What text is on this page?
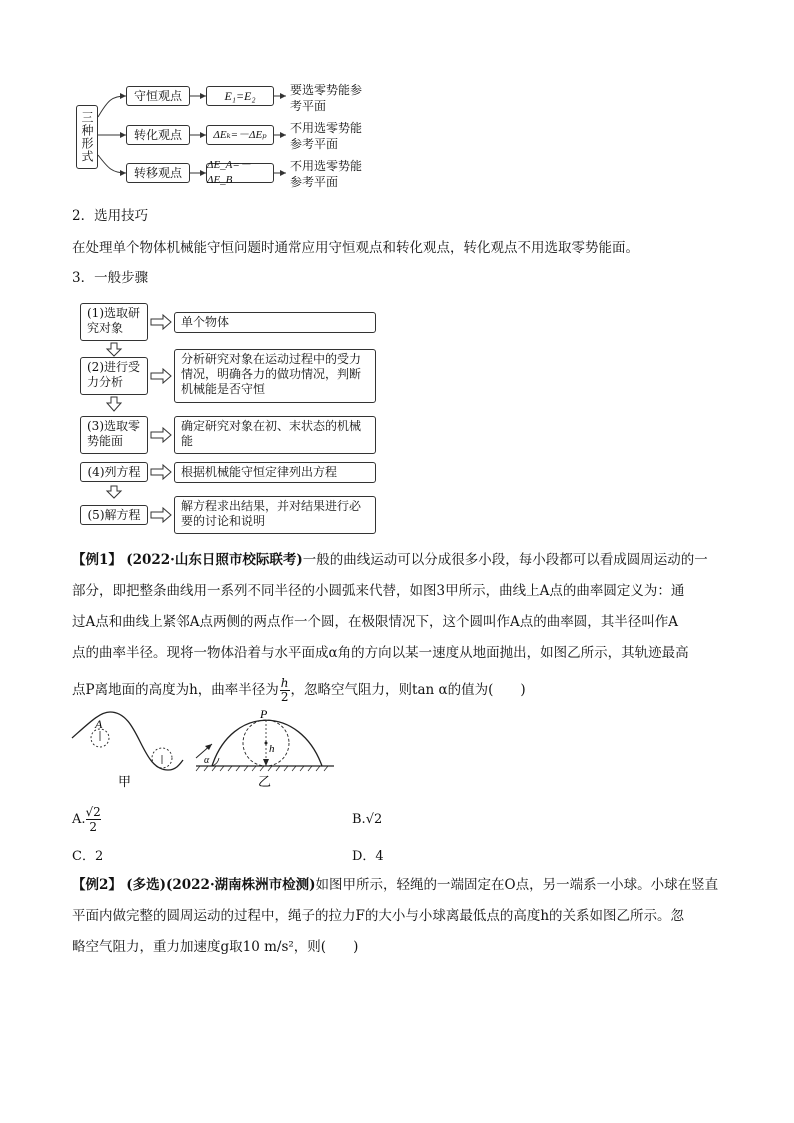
三种形式
守恒观点
转化观点
转移观点
E₁=E₂
ΔEₖ=－ΔEₚ
ΔE_A=－ΔE_B
要选零势能参考平面
不用选零势能参考平面
不用选零势能参考平面
2．选用技巧
在处理单个物体机械能守恒问题时通常应用守恒观点和转化观点，转化观点不用选取零势能面。
3．一般步骤
(1)选取研究对象
(2)进行受力分析
(3)选取零势能面
(4)列方程
(5)解方程
单个物体
分析研究对象在运动过程中的受力情况，明确各力的做功情况，判断机械能是否守恒
确定研究对象在初、末状态的机械能
根据机械能守恒定律列出方程
解方程求出结果，并对结果进行必要的讨论和说明
【例1】 (2022·山东日照市校际联考)一般的曲线运动可以分成很多小段，每小段都可以看成圆周运动的一
部分，即把整条曲线用一系列不同半径的小圆弧来代替，如图3甲所示，曲线上A点的曲率圆定义为：通
过A点和曲线上紧邻A点两侧的两点作一个圆，在极限情况下，这个圆叫作A点的曲率圆，其半径叫作A
点的曲率半径。现将一物体沿着与水平面成α角的方向以某一速度从地面抛出，如图乙所示，其轨迹最高
点P离地面的高度为h，曲率半径为 $\frac{h}{2}$ ，忽略空气阻力，则tan α的值为(　　)
A
甲
P
h
α
乙
A. $\frac{√2}{2}$	B.√2
C．2	D．4
【例2】 (多选)(2022·湖南株洲市检测)如图甲所示，轻绳的一端固定在O点，另一端系一小球。小球在竖直
平面内做完整的圆周运动的过程中，绳子的拉力F的大小与小球离最低点的高度h的关系如图乙所示。忽
略空气阻力，重力加速度g取10 m/s²，则(　　)
